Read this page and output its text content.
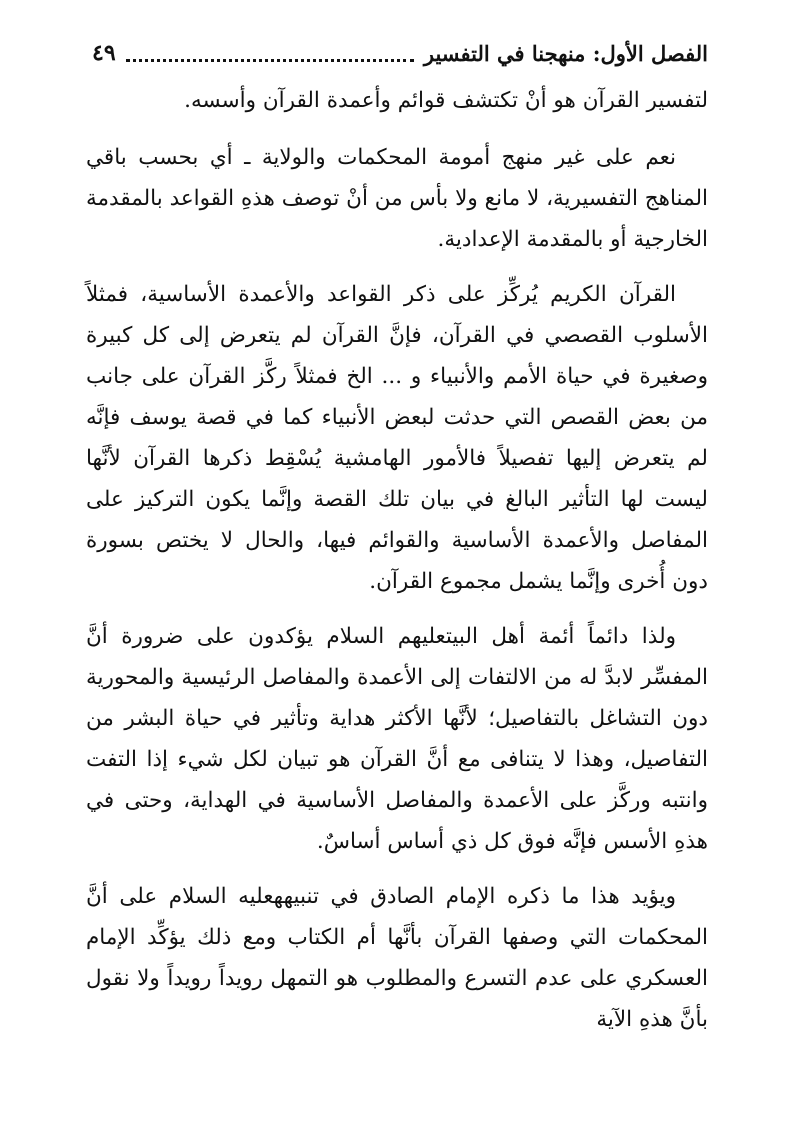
الفصل الأول: منهجنا في التفسير
٤٩

لتفسير القرآن هو أنْ تكتشف قوائم وأعمدة القرآن وأسسه.

نعم على غير منهج أمومة المحكمات والولاية ـ أي بحسب باقي المناهج التفسيرية، لا مانع ولا بأس من أنْ توصف هذهِ القواعد بالمقدمة الخارجية أو بالمقدمة الإعدادية.

القرآن الكريم يُركِّز على ذكر القواعد والأعمدة الأساسية، فمثلاً الأسلوب القصصي في القرآن، فإنَّ القرآن لم يتعرض إلى كل كبيرة وصغيرة في حياة الأمم والأنبياء و ... الخ فمثلاً ركَّز القرآن على جانب من بعض القصص التي حدثت لبعض الأنبياء كما في قصة يوسف فإنَّه لم يتعرض إليها تفصيلاً فالأمور الهامشية يُسْقِط ذكرها القرآن لأنَّها ليست لها التأثير البالغ في بيان تلك القصة وإنَّما يكون التركيز على المفاصل والأعمدة الأساسية والقوائم فيها، والحال لا يختص بسورة دون أُخرى وإنَّما يشمل مجموع القرآن.

ولذا دائماً أئمة أهل البيتعليهم السلام يؤكدون على ضرورة أنَّ المفسِّر لابدَّ له من الالتفات إلى الأعمدة والمفاصل الرئيسية والمحورية دون التشاغل بالتفاصيل؛ لأنَّها الأكثر هداية وتأثير في حياة البشر من التفاصيل، وهذا لا يتنافى مع أنَّ القرآن هو تبيان لكل شيء إذا التفت وانتبه وركَّز على الأعمدة والمفاصل الأساسية في الهداية، وحتى في هذهِ الأسس فإنَّه فوق كل ذي أساس أساسٌ.

ويؤيد هذا ما ذكره الإمام الصادق في تنبيههعليه السلام على أنَّ المحكمات التي وصفها القرآن بأنَّها أم الكتاب ومع ذلك يؤكِّد الإمام العسكري على عدم التسرع والمطلوب هو التمهل رويداً رويداً ولا نقول بأنَّ هذهِ الآية
